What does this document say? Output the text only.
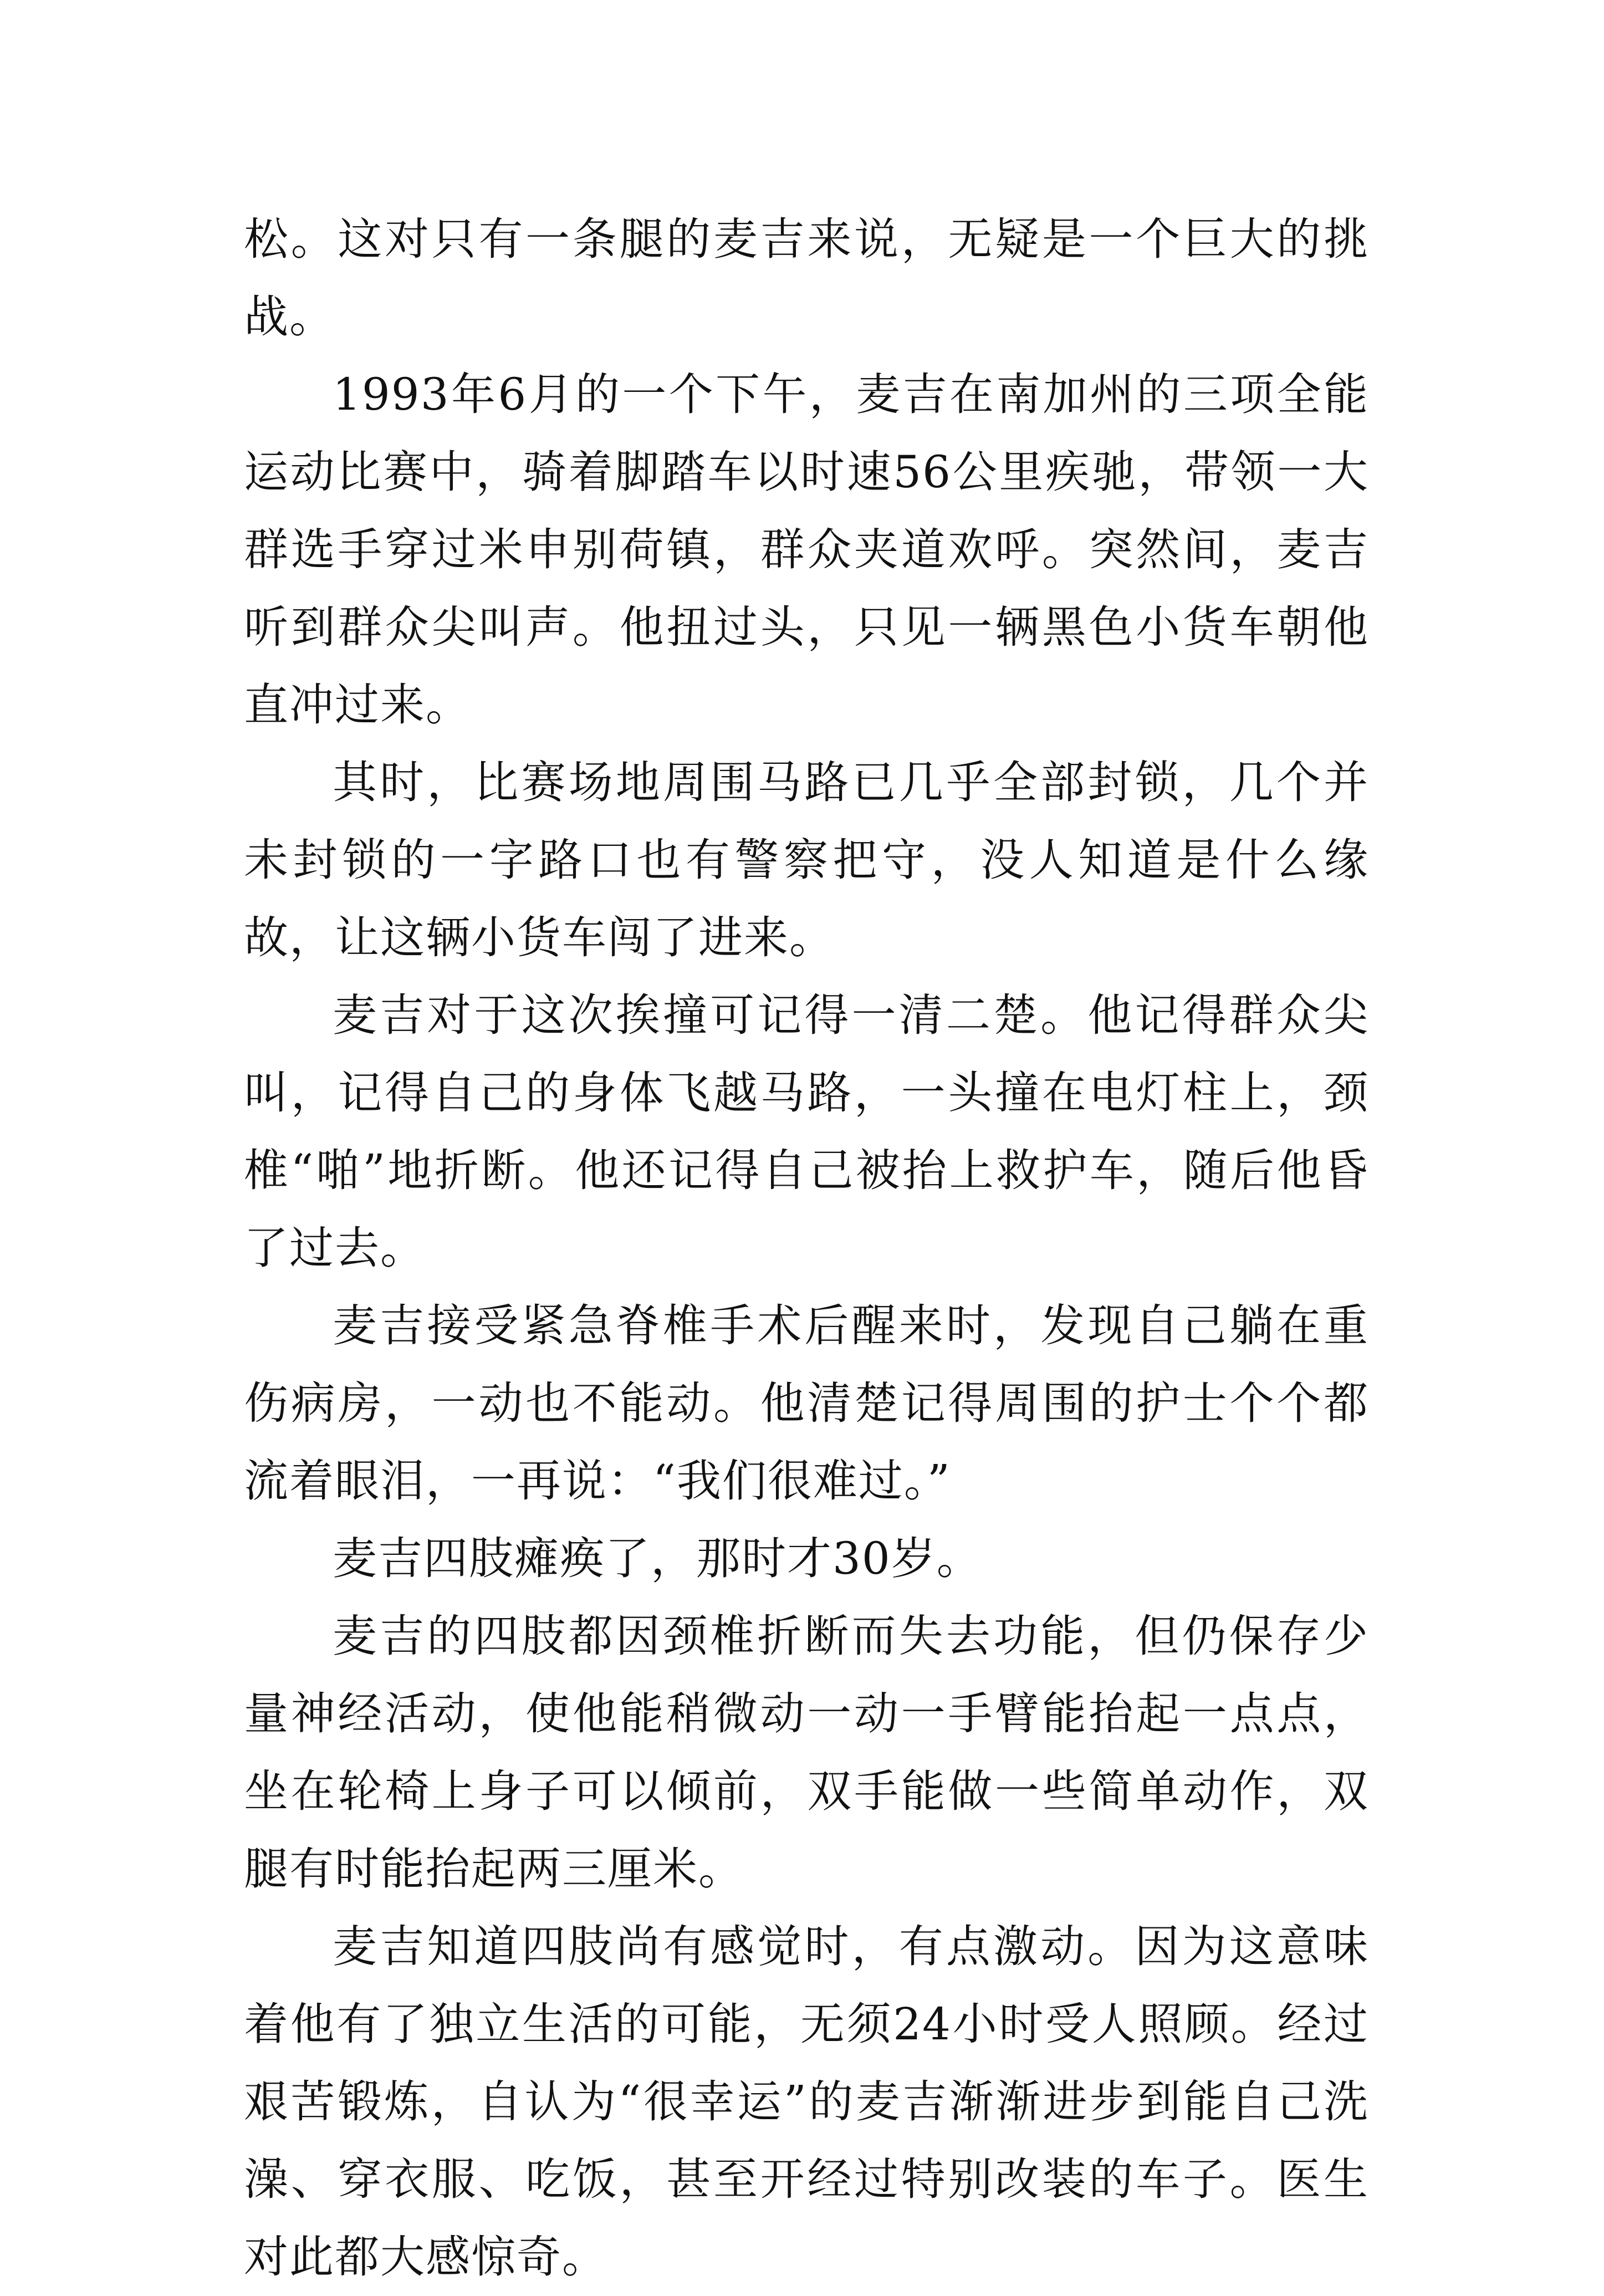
松。这对只有一条腿的麦吉来说，无疑是一个巨大的挑战。

1993年6月的一个下午，麦吉在南加州的三项全能运动比赛中，骑着脚踏车以时速56公里疾驰，带领一大群选手穿过米申别荷镇，群众夹道欢呼。突然间，麦吉听到群众尖叫声。他扭过头，只见一辆黑色小货车朝他直冲过来。

其时，比赛场地周围马路已几乎全部封锁，几个并未封锁的一字路口也有警察把守，没人知道是什么缘故，让这辆小货车闯了进来。

麦吉对于这次挨撞可记得一清二楚。他记得群众尖叫，记得自己的身体飞越马路，一头撞在电灯柱上，颈椎“啪”地折断。他还记得自己被抬上救护车，随后他昏了过去。

麦吉接受紧急脊椎手术后醒来时，发现自己躺在重伤病房，一动也不能动。他清楚记得周围的护士个个都流着眼泪，一再说：“我们很难过。”

麦吉四肢瘫痪了，那时才30岁。

麦吉的四肢都因颈椎折断而失去功能，但仍保存少量神经活动，使他能稍微动一动一手臂能抬起一点点，坐在轮椅上身子可以倾前，双手能做一些简单动作，双腿有时能抬起两三厘米。

麦吉知道四肢尚有感觉时，有点激动。因为这意味着他有了独立生活的可能，无须24小时受人照顾。经过艰苦锻炼，自认为“很幸运”的麦吉渐渐进步到能自己洗澡、穿衣服、吃饭，甚至开经过特别改装的车子。医生对此都大感惊奇。
